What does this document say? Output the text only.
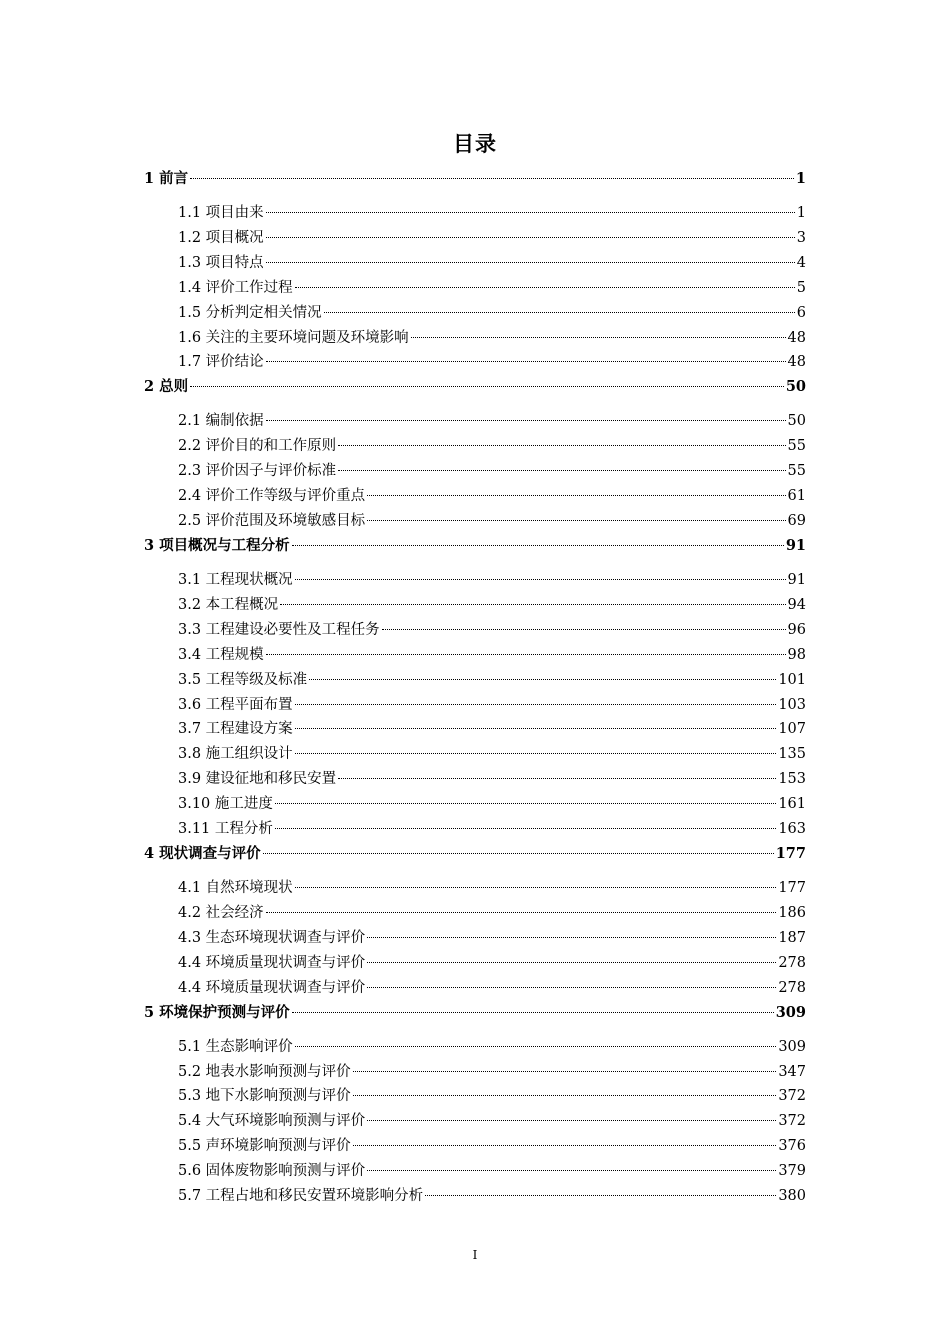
目录
1 前言	1
1.1 项目由来	1
1.2 项目概况	3
1.3 项目特点	4
1.4 评价工作过程	5
1.5 分析判定相关情况	6
1.6 关注的主要环境问题及环境影响	48
1.7 评价结论	48
2 总则	50
2.1 编制依据	50
2.2 评价目的和工作原则	55
2.3 评价因子与评价标准	55
2.4 评价工作等级与评价重点	61
2.5 评价范围及环境敏感目标	69
3 项目概况与工程分析	91
3.1 工程现状概况	91
3.2 本工程概况	94
3.3 工程建设必要性及工程任务	96
3.4 工程规模	98
3.5 工程等级及标准	101
3.6 工程平面布置	103
3.7 工程建设方案	107
3.8 施工组织设计	135
3.9 建设征地和移民安置	153
3.10 施工进度	161
3.11 工程分析	163
4 现状调查与评价	177
4.1 自然环境现状	177
4.2 社会经济	186
4.3 生态环境现状调查与评价	187
4.4 环境质量现状调查与评价	278
4.4 环境质量现状调查与评价	278
5 环境保护预测与评价	309
5.1 生态影响评价	309
5.2 地表水影响预测与评价	347
5.3 地下水影响预测与评价	372
5.4 大气环境影响预测与评价	372
5.5 声环境影响预测与评价	376
5.6 固体废物影响预测与评价	379
5.7 工程占地和移民安置环境影响分析	380
I
